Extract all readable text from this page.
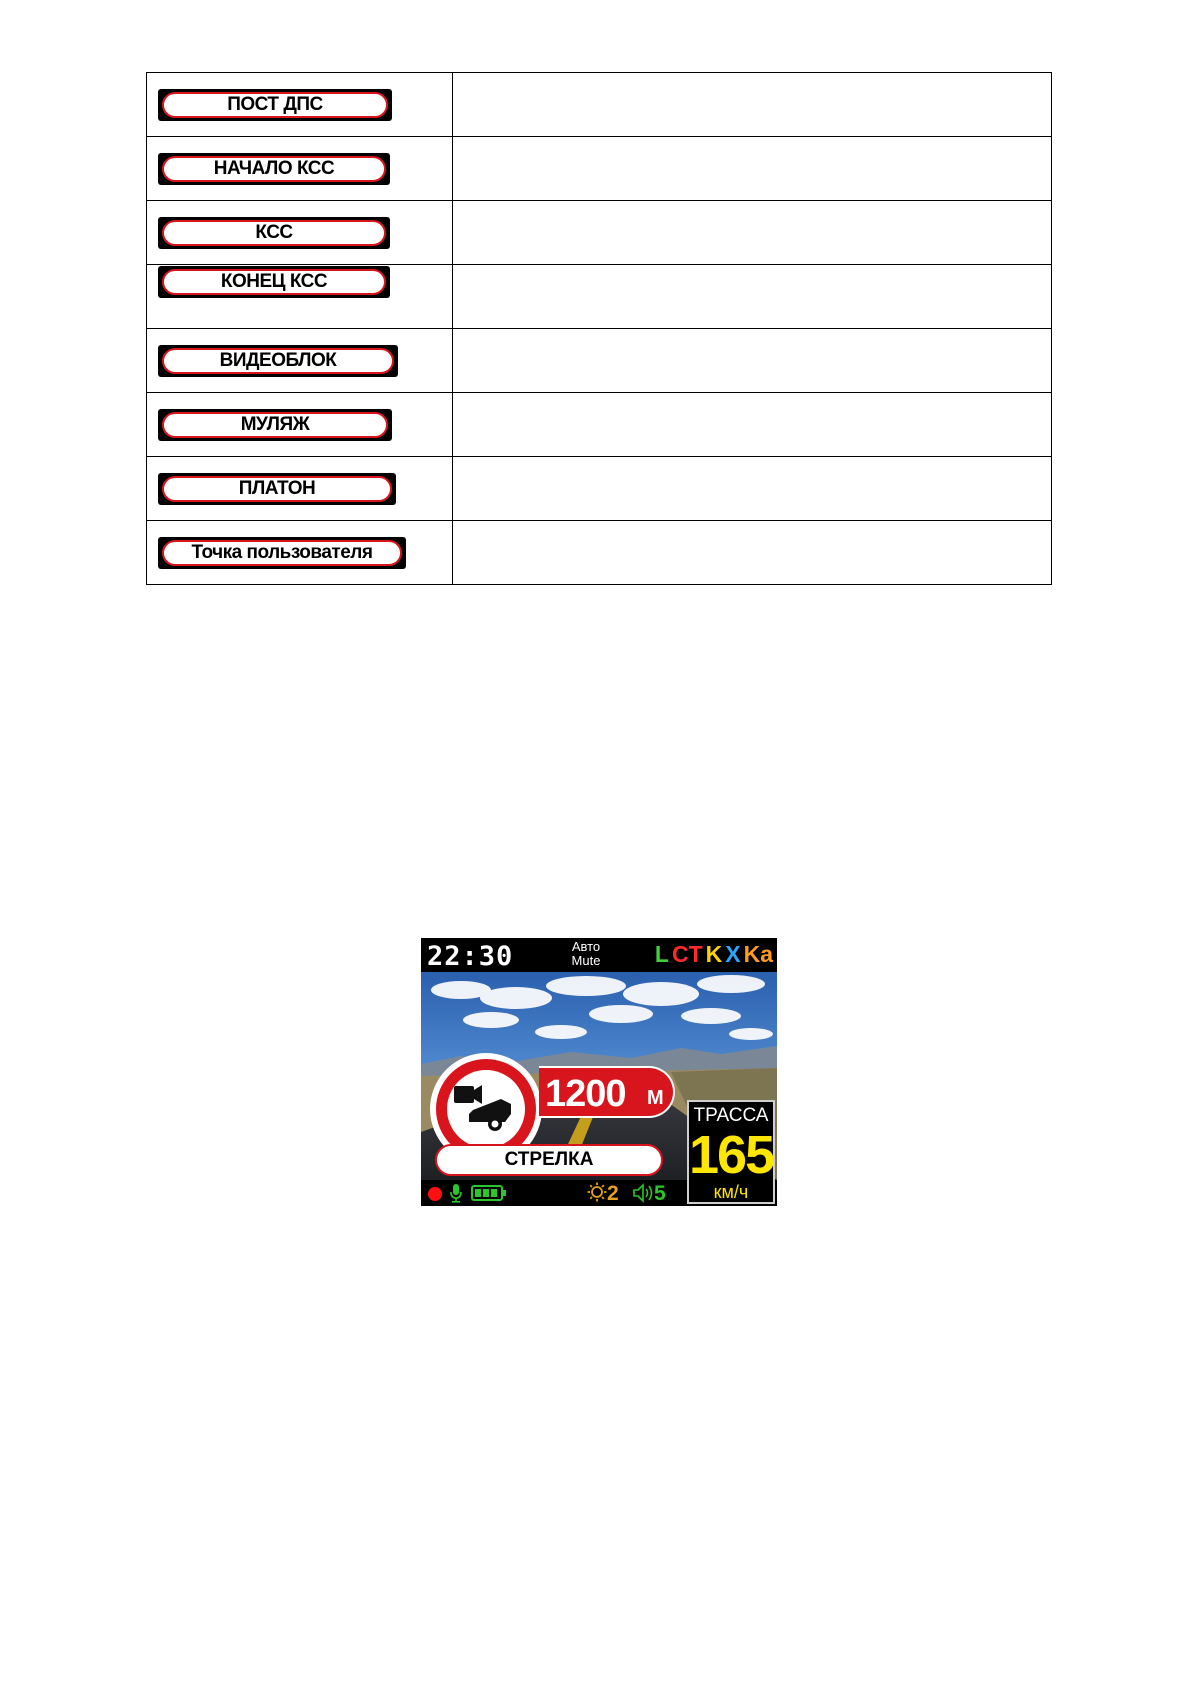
ПОСТ ДПС	

НАЧАЛО КСС	

КСС	

КОНЕЦ КСС	

ВИДЕОБЛОК	

МУЛЯЖ	

ПЛАТОН	

Точка пользователя	

22:30	Авто
Mute	L CT K X Ka
1200 М
СТРЕЛКА
2	5
ТРАССА
165
км/ч
